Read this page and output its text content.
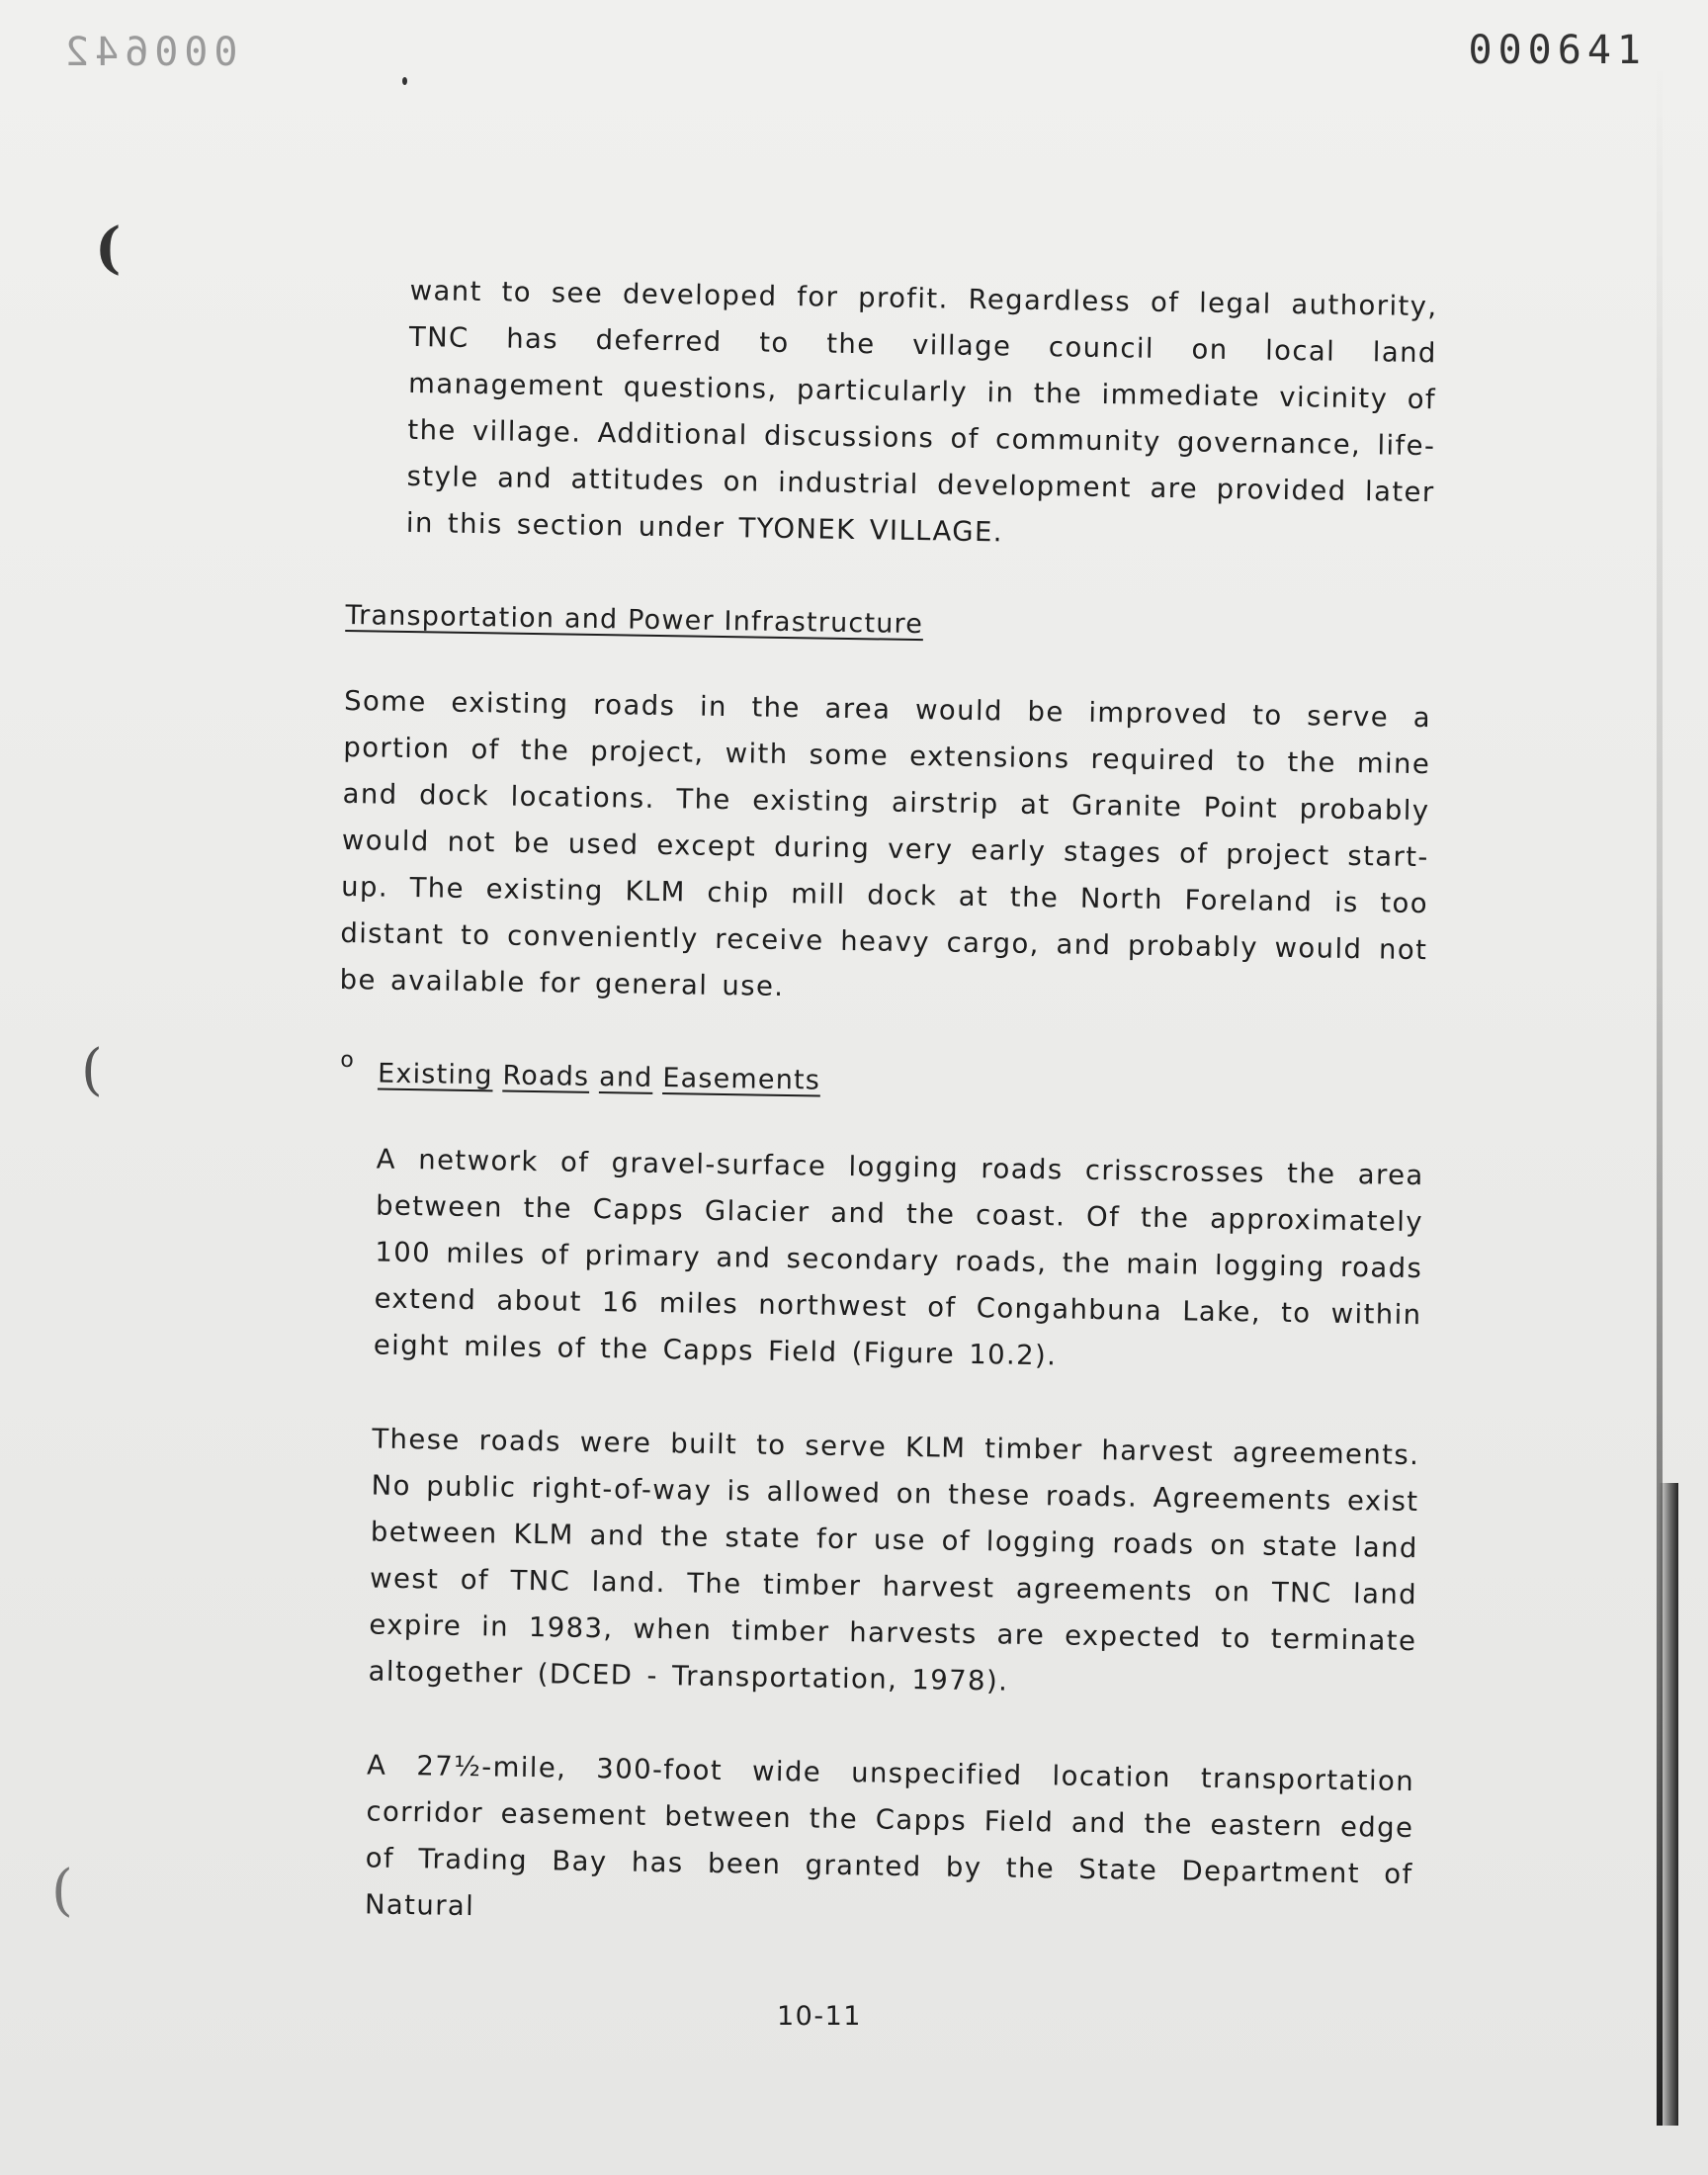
000642	000641
(
(
(

want to see developed for profit. Regardless of legal authority, TNC has deferred to the village council on local land management questions, particularly in the immediate vicinity of the village. Additional discussions of community governance, life-style and attitudes on industrial development are provided later in this section under TYONEK VILLAGE.

Transportation and Power Infrastructure

Some existing roads in the area would be improved to serve a portion of the project, with some extensions required to the mine and dock locations. The existing airstrip at Granite Point probably would not be used except during very early stages of project start-up. The existing KLM chip mill dock at the North Foreland is too distant to conveniently receive heavy cargo, and probably would not be available for general use.

o Existing Roads and Easements

A network of gravel-surface logging roads crisscrosses the area between the Capps Glacier and the coast. Of the approximately 100 miles of primary and secondary roads, the main logging roads extend about 16 miles northwest of Congahbuna Lake, to within eight miles of the Capps Field (Figure 10.2).

These roads were built to serve KLM timber harvest agreements. No public right-of-way is allowed on these roads. Agreements exist between KLM and the state for use of logging roads on state land west of TNC land. The timber harvest agreements on TNC land expire in 1983, when timber harvests are expected to terminate altogether (DCED - Transportation, 1978).

A 27½-mile, 300-foot wide unspecified location transportation corridor easement between the Capps Field and the eastern edge of Trading Bay has been granted by the State Department of Natural

10-11
